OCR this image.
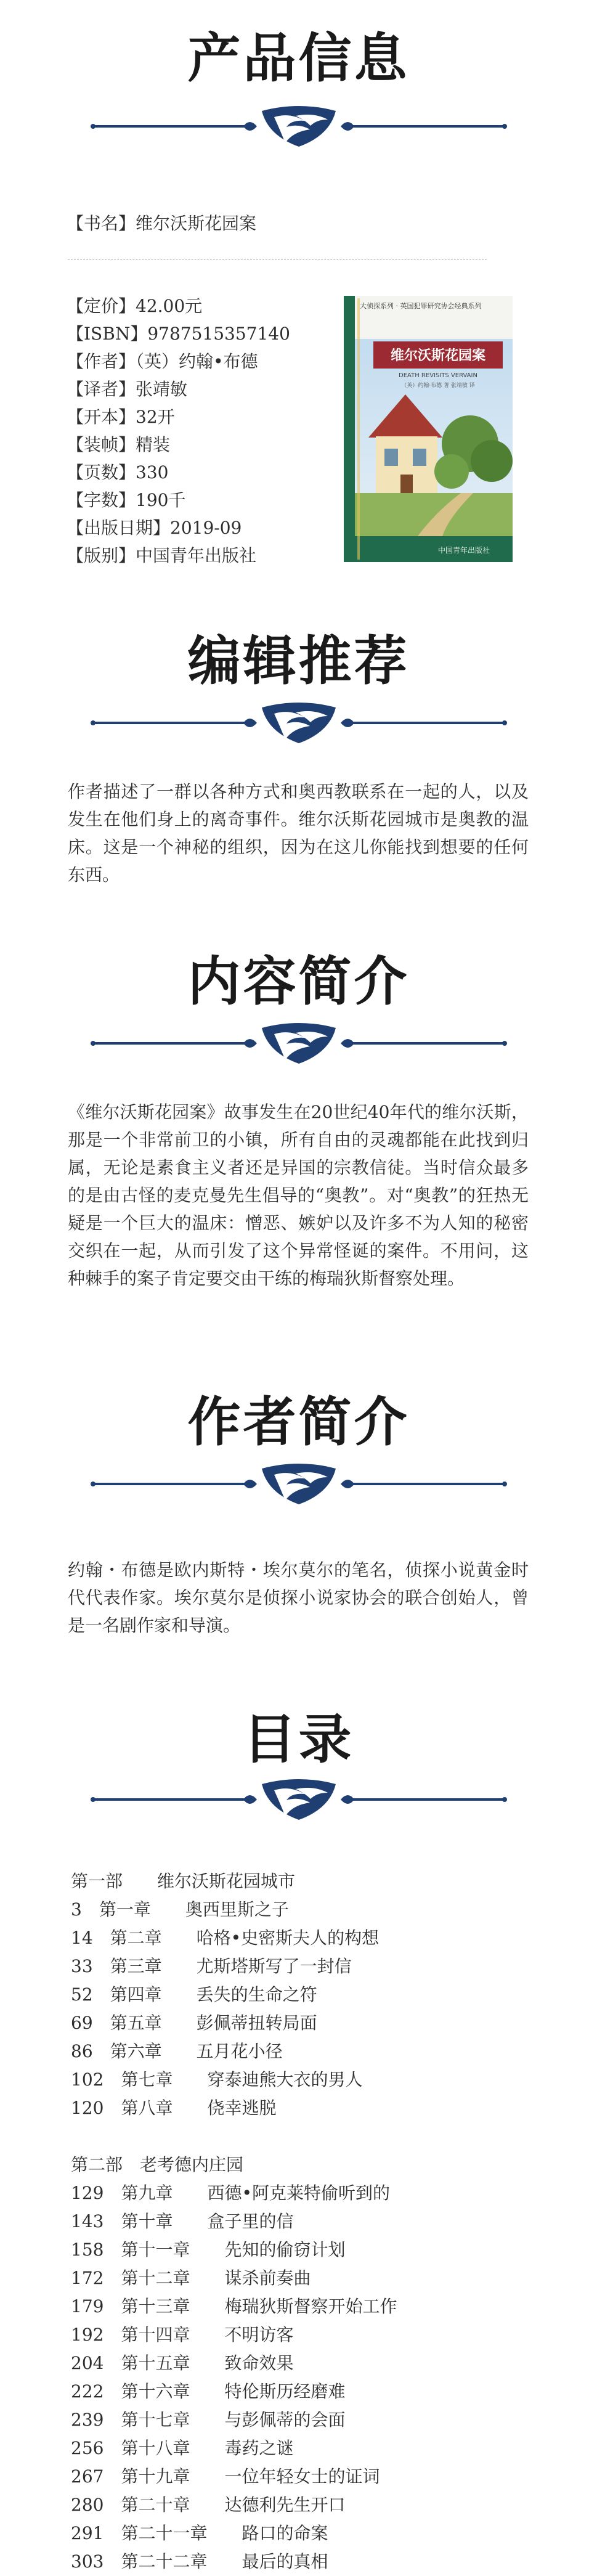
产品信息
【书名】维尔沃斯花园案
【定价】42.00元
【ISBN】9787515357140
【作者】（英）约翰•布德
【译者】张靖敏
【开本】32开
【装帧】精装
【页数】330
【字数】190千
【出版日期】2019-09
【版别】中国青年出版社
大侦探系列 · 英国犯罪研究协会经典系列
维尔沃斯花园案
DEATH REVISITS VERVAIN
（英）约翰·布德 著 张靖敏 译
中国青年出版社
编辑推荐
作者描述了一群以各种方式和奥西教联系在一起的人，以及发生在他们身上的离奇事件。维尔沃斯花园城市是奥教的温床。这是一个神秘的组织，因为在这儿你能找到想要的任何东西。
内容简介
《维尔沃斯花园案》故事发生在20世纪40年代的维尔沃斯，那是一个非常前卫的小镇，所有自由的灵魂都能在此找到归属，无论是素食主义者还是异国的宗教信徒。当时信众最多的是由古怪的麦克曼先生倡导的“奥教”。对“奥教”的狂热无疑是一个巨大的温床：憎恶、嫉妒以及许多不为人知的秘密交织在一起，从而引发了这个异常怪诞的案件。不用问，这种棘手的案子肯定要交由干练的梅瑞狄斯督察处理。
作者简介
约翰・布德是欧内斯特・埃尔莫尔的笔名，侦探小说黄金时代代表作家。埃尔莫尔是侦探小说家协会的联合创始人，曾是一名剧作家和导演。
目录
第一部　　维尔沃斯花园城市
3　第一章　　奥西里斯之子
14　第二章　　哈格•史密斯夫人的构想
33　第三章　　尤斯塔斯写了一封信
52　第四章　　丢失的生命之符
69　第五章　　彭佩蒂扭转局面
86　第六章　　五月花小径
102　第七章　　穿泰迪熊大衣的男人
120　第八章　　侥幸逃脱
第二部　老考德内庄园
129　第九章　　西德•阿克莱特偷听到的
143　第十章　　盒子里的信
158　第十一章　　先知的偷窃计划
172　第十二章　　谋杀前奏曲
179　第十三章　　梅瑞狄斯督察开始工作
192　第十四章　　不明访客
204　第十五章　　致命效果
222　第十六章　　特伦斯历经磨难
239　第十七章　　与彭佩蒂的会面
256　第十八章　　毒药之谜
267　第十九章　　一位年轻女士的证词
280　第二十章　　达德利先生开口
291　第二十一章　　路口的命案
303　第二十二章　　最后的真相
